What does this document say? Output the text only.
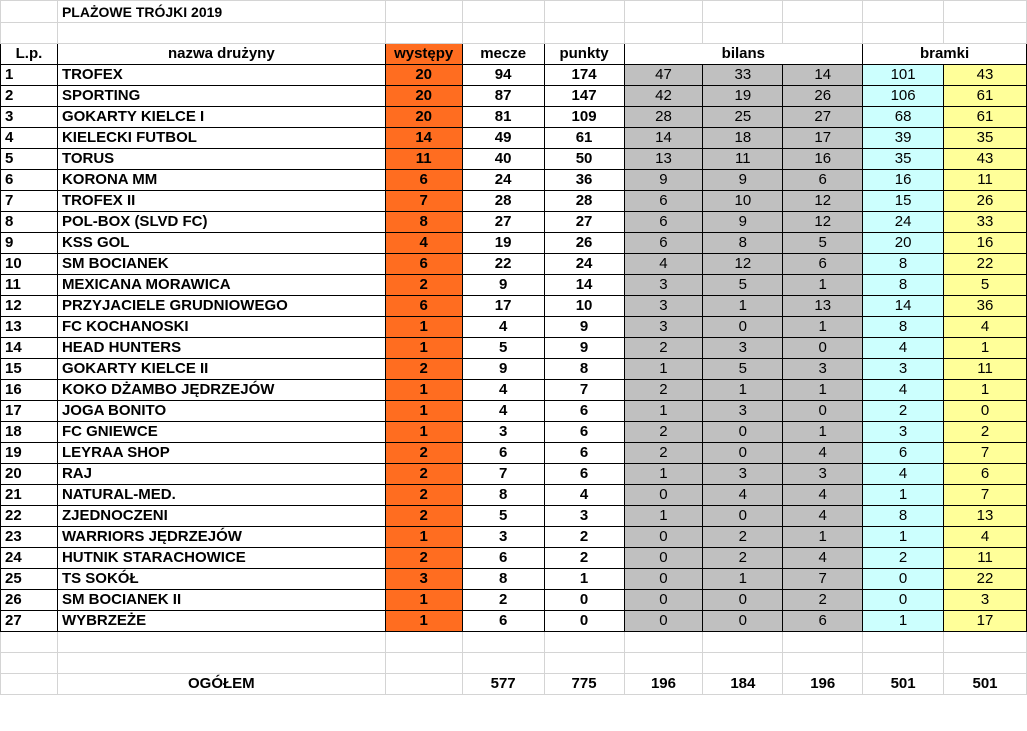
	PLAŻOWE TRÓJKI 2019								

L.p.	nazwa drużyny	występy	mecze	punkty	bilans			bramki	
1	TROFEX	20	94	174	47	33	14	101	43
2	SPORTING	20	87	147	42	19	26	106	61
3	GOKARTY KIELCE I	20	81	109	28	25	27	68	61
4	KIELECKI FUTBOL	14	49	61	14	18	17	39	35
5	TORUS	11	40	50	13	11	16	35	43
6	KORONA MM	6	24	36	9	9	6	16	11
7	TROFEX II	7	28	28	6	10	12	15	26
8	POL-BOX (SLVD FC)	8	27	27	6	9	12	24	33
9	KSS GOL	4	19	26	6	8	5	20	16
10	SM BOCIANEK	6	22	24	4	12	6	8	22
11	MEXICANA MORAWICA	2	9	14	3	5	1	8	5
12	PRZYJACIELE GRUDNIOWEGO	6	17	10	3	1	13	14	36
13	FC KOCHANOSKI	1	4	9	3	0	1	8	4
14	HEAD HUNTERS	1	5	9	2	3	0	4	1
15	GOKARTY KIELCE II	2	9	8	1	5	3	3	11
16	KOKO DŻAMBO JĘDRZEJÓW	1	4	7	2	1	1	4	1
17	JOGA BONITO	1	4	6	1	3	0	2	0
18	FC GNIEWCE	1	3	6	2	0	1	3	2
19	LEYRAA SHOP	2	6	6	2	0	4	6	7
20	RAJ	2	7	6	1	3	3	4	6
21	NATURAL-MED.	2	8	4	0	4	4	1	7
22	ZJEDNOCZENI	2	5	3	1	0	4	8	13
23	WARRIORS JĘDRZEJÓW	1	3	2	0	2	1	1	4
24	HUTNIK STARACHOWICE	2	6	2	0	2	4	2	11
25	TS SOKÓŁ	3	8	1	0	1	7	0	22
26	SM BOCIANEK II	1	2	0	0	0	2	0	3
27	WYBRZEŻE	1	6	0	0	0	6	1	17

	OGÓŁEM		577	775	196	184	196	501	501
